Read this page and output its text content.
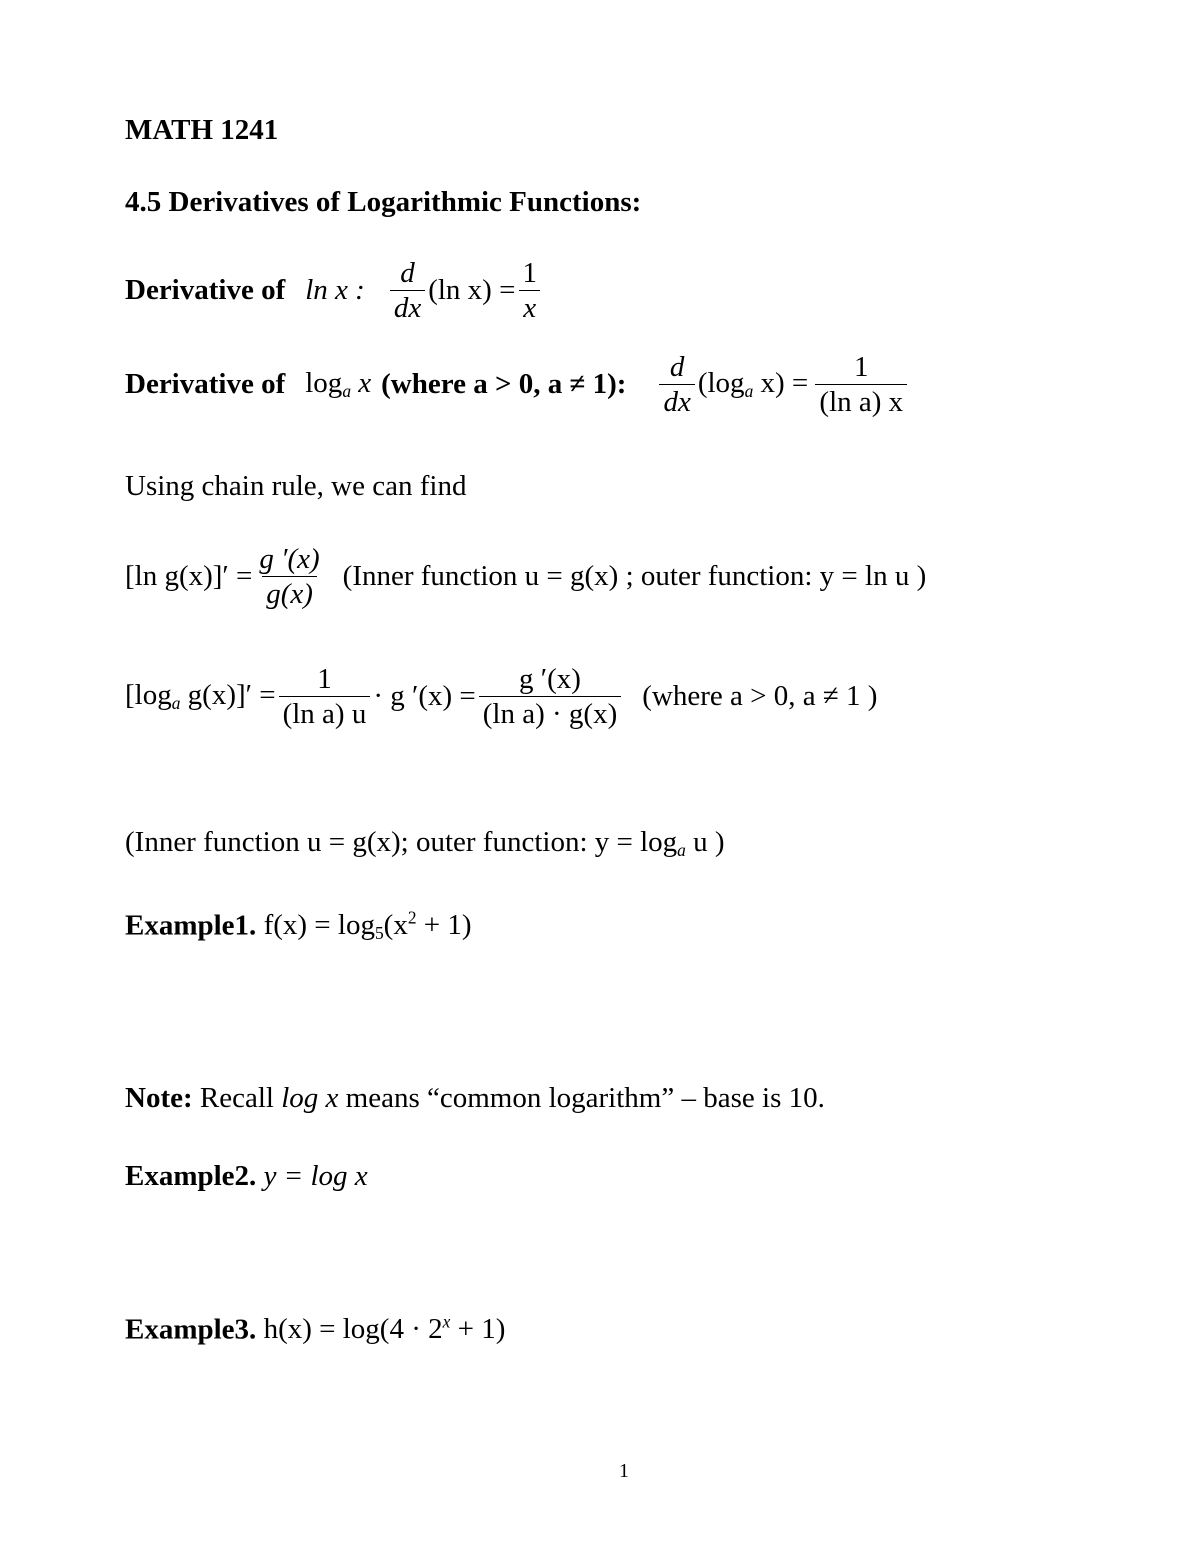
MATH 1241
4.5 Derivatives of Logarithmic Functions:
Derivative of ln x : $\frac{d}{dx} (\ln$ $x) = \frac{1}{x}$
Derivative of $\log_a x$ (where a > 0, a ≠ 1): $\frac{d}{dx} (\log_a$ $x) = \frac{1}{\text{(ln a) x}}$
Using chain rule, we can find
[ln $g(x)]' = \frac{g '(x)}{g(x)}$ (Inner function u = g(x) ; outer function: y = ln u )
[$\log_a$ $g(x)]' = \frac{1}{\text{(ln a) u}} \cdot g$ $'(x) = \frac{g '(x)}{\text{(ln a) · g(x)}}$ (where a > 0, a ≠ 1 )
(Inner function u = g(x); outer function: $y = \log_a u$ )
Example1. $f(x) = \log_5(x^2 + 1)$
Note: Recall log x means “common logarithm” – base is 10.
Example2. y = log x
Example3. $h(x) = \log(4 \cdot 2^x + 1)$
1
